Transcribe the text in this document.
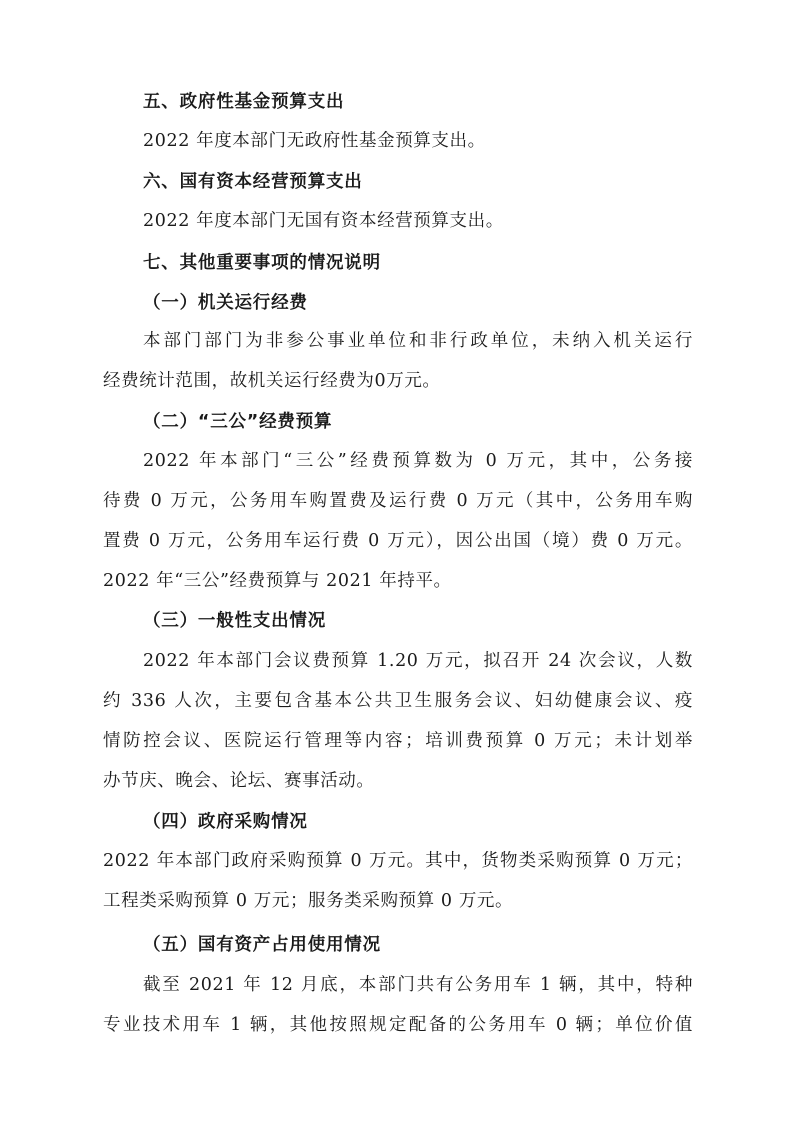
五、政府性基金预算支出
2022 年度本部门无政府性基金预算支出。
六、国有资本经营预算支出
2022 年度本部门无国有资本经营预算支出。
七、其他重要事项的情况说明
（一）机关运行经费
本部门部门为非参公事业单位和非行政单位，未纳入机关运行
经费统计范围，故机关运行经费为0万元。
（二）“三公”经费预算
2022 年本部门“三公”经费预算数为 0 万元，其中，公务接
待费 0 万元，公务用车购置费及运行费 0 万元（其中，公务用车购
置费 0 万元，公务用车运行费 0 万元），因公出国（境）费 0 万元。
2022 年“三公”经费预算与 2021 年持平。
（三）一般性支出情况
2022 年本部门会议费预算 1.20 万元，拟召开 24 次会议，人数
约 336 人次，主要包含基本公共卫生服务会议、妇幼健康会议、疫
情防控会议、医院运行管理等内容；培训费预算 0 万元；未计划举
办节庆、晚会、论坛、赛事活动。
（四）政府采购情况
2022 年本部门政府采购预算 0 万元。其中，货物类采购预算 0 万元；
工程类采购预算 0 万元；服务类采购预算 0 万元。
（五）国有资产占用使用情况
截至 2021 年 12 月底，本部门共有公务用车 1 辆，其中，特种
专业技术用车 1 辆，其他按照规定配备的公务用车 0 辆；单位价值
